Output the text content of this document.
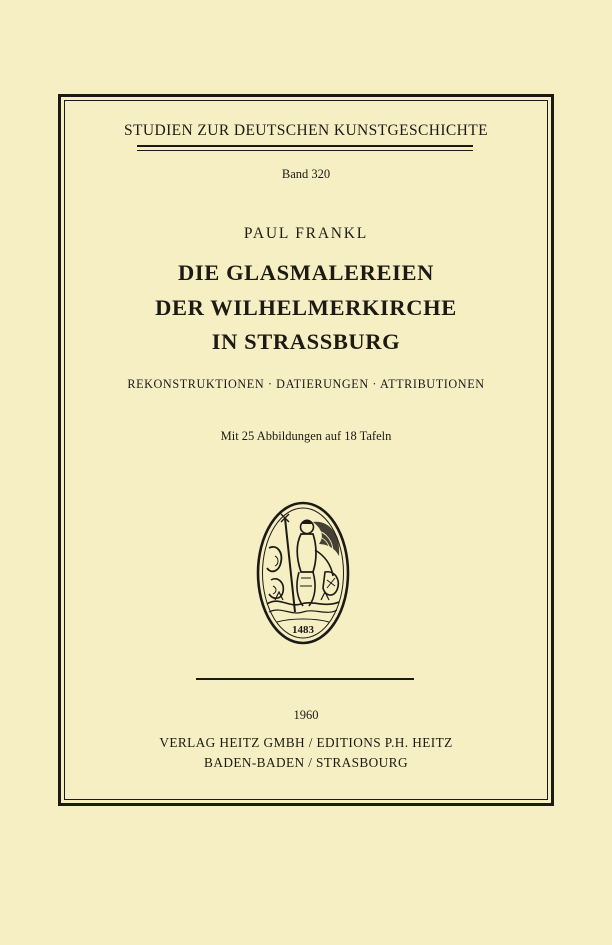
STUDIEN ZUR DEUTSCHEN KUNSTGESCHICHTE
Band 320
PAUL FRANKL
DIE GLASMALEREIEN
DER WILHELMERKIRCHE
IN STRASSBURG
REKONSTRUKTIONEN · DATIERUNGEN · ATTRIBUTIONEN
Mit 25 Abbildungen auf 18 Tafeln
1483
1960
VERLAG HEITZ GMBH / EDITIONS P.H. HEITZ
BADEN-BADEN / STRASBOURG
